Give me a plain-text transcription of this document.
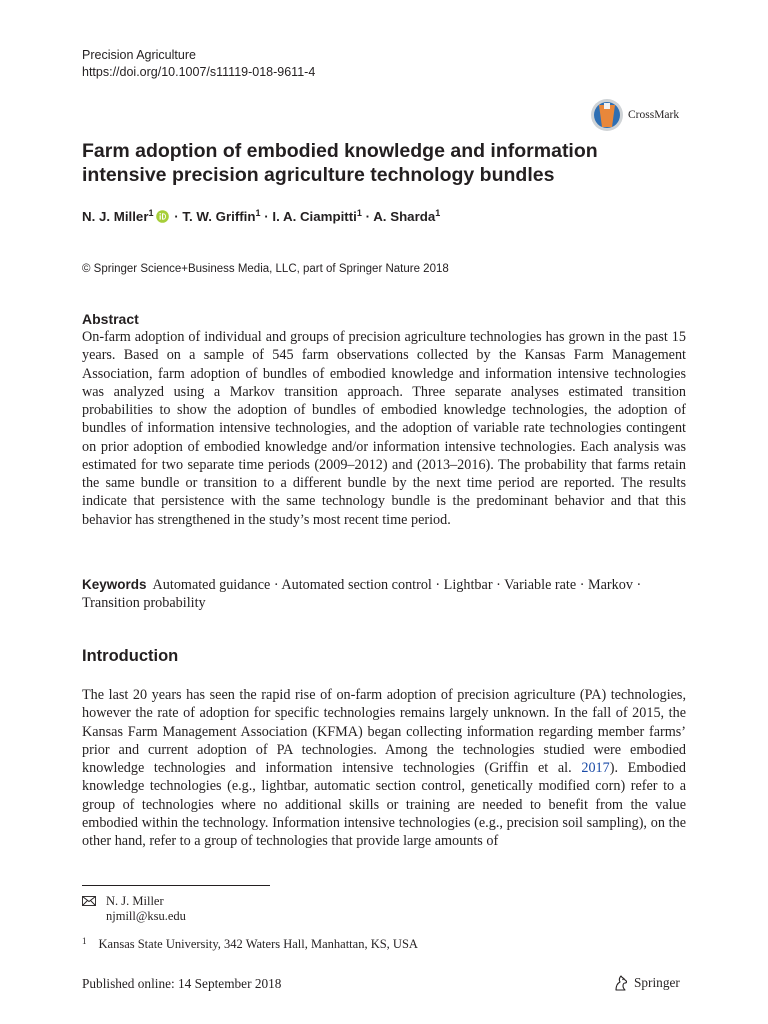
Precision Agriculture
https://doi.org/10.1007/s11119-018-9611-4
CrossMark
Farm adoption of embodied knowledge and information intensive precision agriculture technology bundles
N. J. Miller$^1$ · T. W. Griffin$^1$ · I. A. Ciampitti$^1$ · A. Sharda$^1$
© Springer Science+Business Media, LLC, part of Springer Nature 2018
Abstract

On-farm adoption of individual and groups of precision agriculture technologies has grown in the past 15 years. Based on a sample of 545 farm observations collected by the Kansas Farm Management Association, farm adoption of bundles of embodied knowledge and information intensive technologies was analyzed using a Markov transition approach. Three separate analyses estimated transition probabilities to show the adoption of bundles of embodied knowledge technologies, the adoption of bundles of information intensive technologies, and the adoption of variable rate technologies contingent on prior adoption of embodied knowledge and/or information intensive technologies. Each analysis was estimated for two separate time periods (2009–2012) and (2013–2016). The probability that farms retain the same bundle or transition to a different bundle by the next time period are reported. The results indicate that persistence with the same technology bundle is the predominant behavior and that this behavior has strengthened in the study’s most recent time period.

Keywords Automated guidance · Automated section control · Lightbar · Variable rate · Markov · Transition probability

Introduction

The last 20 years has seen the rapid rise of on-farm adoption of precision agriculture (PA) technologies, however the rate of adoption for specific technologies remains largely unknown. In the fall of 2015, the Kansas Farm Management Association (KFMA) began collecting information regarding member farms’ prior and current adoption of PA technologies. Among the technologies studied were embodied knowledge technologies and information intensive technologies (Griffin et al. 2017). Embodied knowledge technologies (e.g., lightbar, automatic section control, genetically modified corn) refer to a group of technologies where no additional skills or training are needed to benefit from the value embodied within the technology. Information intensive technologies (e.g., precision soil sampling), on the other hand, refer to a group of technologies that provide large amounts of

N. J. Miller
njmill@ksu.edu
$^1$ Kansas State University, 342 Waters Hall, Manhattan, KS, USA
Published online: 14 September 2018	Springer
